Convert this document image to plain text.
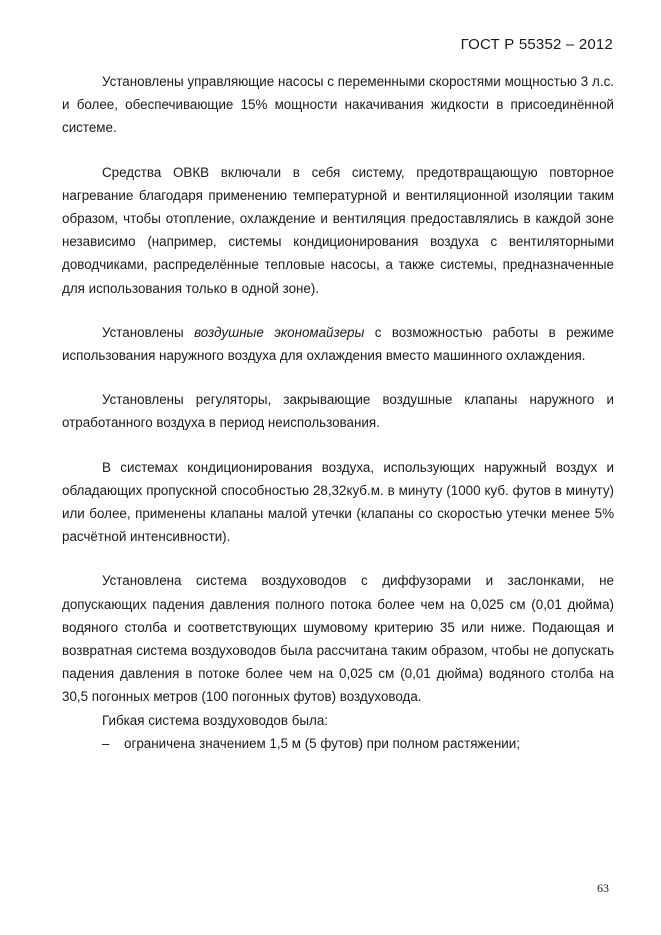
ГОСТ Р 55352 – 2012

Установлены управляющие насосы с переменными скоростями мощностью 3 л.с. и более, обеспечивающие 15% мощности накачивания жидкости в присоединённой системе.

Средства ОВКВ включали в себя систему, предотвращающую повторное нагревание благодаря применению температурной и вентиляционной изоляции таким образом, чтобы отопление, охлаждение и вентиляция предоставлялись в каждой зоне независимо (например, системы кондиционирования воздуха с вентиляторными доводчиками, распределённые тепловые насосы, а также системы, предназначенные для использования только в одной зоне).

Установлены воздушные экономайзеры с возможностью работы в режиме использования наружного воздуха для охлаждения вместо машинного охлаждения.

Установлены регуляторы, закрывающие воздушные клапаны наружного и отработанного воздуха в период неиспользования.

В системах кондиционирования воздуха, использующих наружный воздух и обладающих пропускной способностью 28,32куб.м. в минуту (1000 куб. футов в минуту) или более, применены клапаны малой утечки (клапаны со скоростью утечки менее 5% расчётной интенсивности).

Установлена система воздуховодов с диффузорами и заслонками, не допускающих падения давления полного потока более чем на 0,025 см (0,01 дюйма) водяного столба и соответствующих шумовому критерию 35 или ниже. Подающая и возвратная система воздуховодов была рассчитана таким образом, чтобы не допускать падения давления в потоке более чем на 0,025 см (0,01 дюйма) водяного столба на 30,5 погонных метров (100 погонных футов) воздуховода.

Гибкая система воздуховодов была:

–	ограничена значением 1,5 м (5 футов) при полном растяжении;
63
